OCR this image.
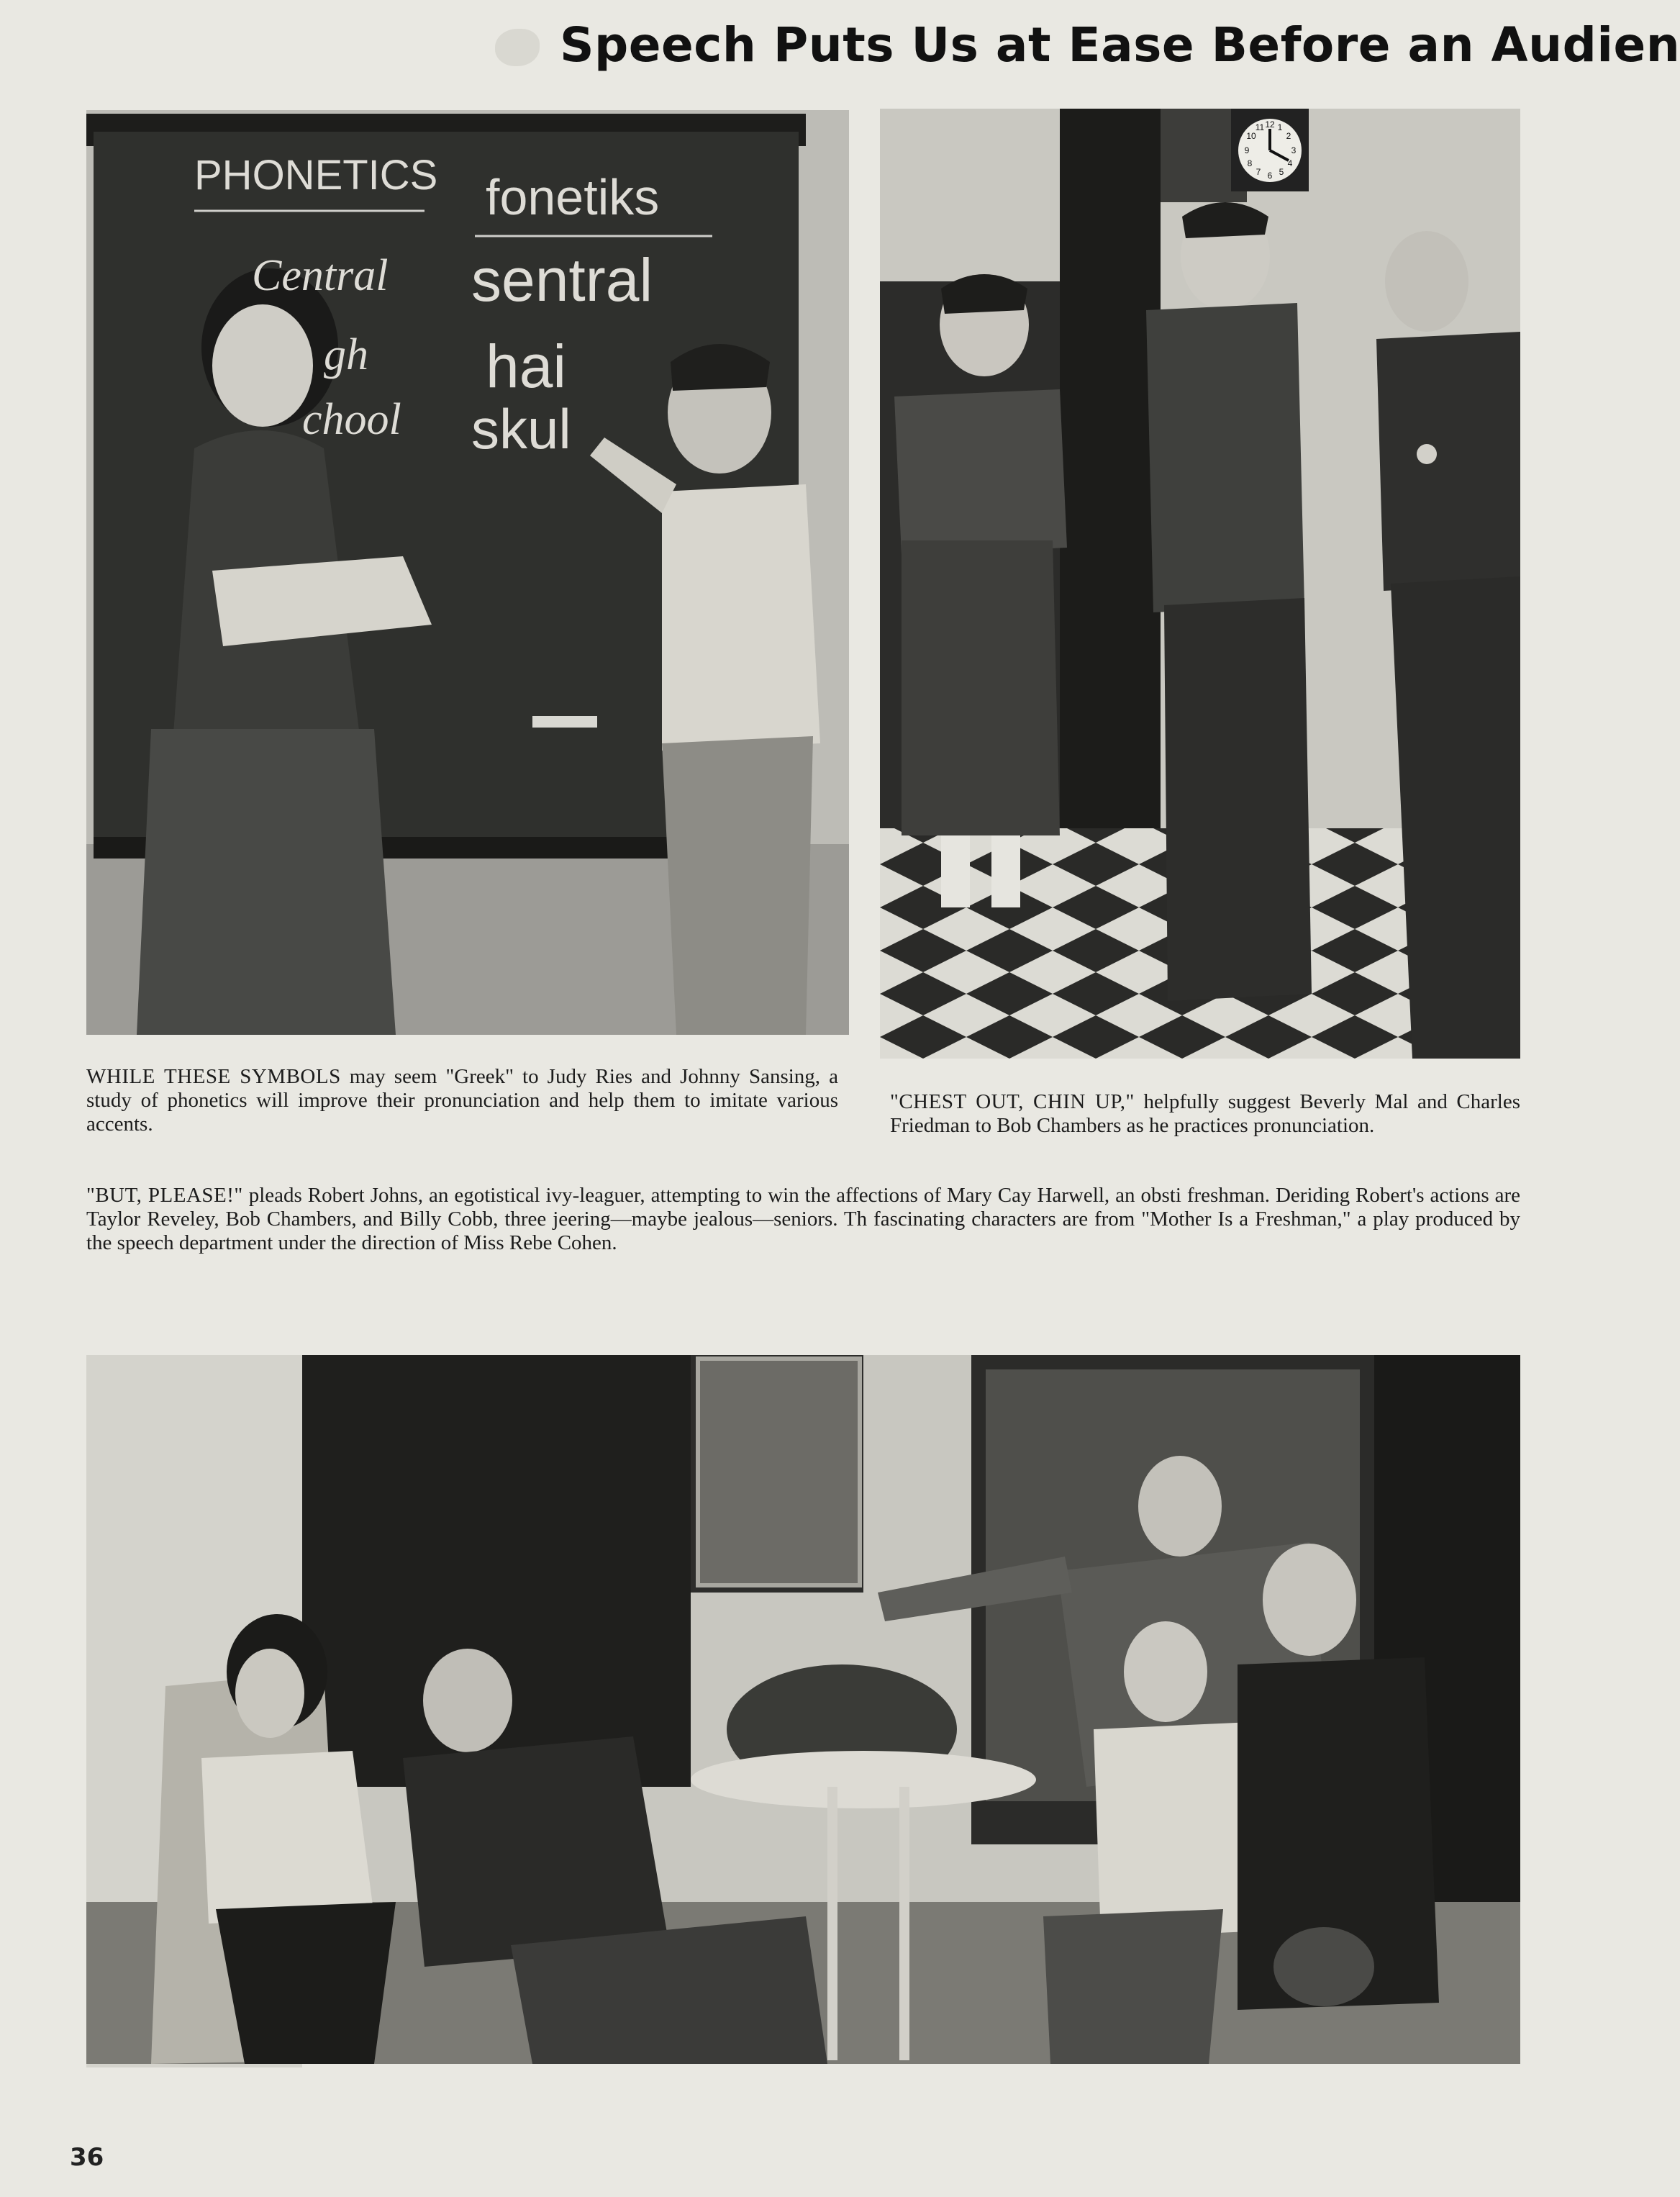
Speech Puts Us at Ease Before an Audien
PHONETICS fonetiks
Central sentral
gh hai
chool skul
12 1
2
3
4
5
6
7
8
9
10
11
WHILE THESE SYMBOLS may seem "Greek" to Judy Ries and Johnny Sansing, a study of phonetics will improve their pronunciation and help them to imitate various accents.
"CHEST OUT, CHIN UP," helpfully suggest Beverly Mal and Charles Friedman to Bob Chambers as he practices pronunciation.
"BUT, PLEASE!" pleads Robert Johns, an egotistical ivy-leaguer, attempting to win the affections of Mary Cay Harwell, an obsti freshman. Deriding Robert's actions are Taylor Reveley, Bob Chambers, and Billy Cobb, three jeering—maybe jealous—seniors. Th fascinating characters are from "Mother Is a Freshman," a play produced by the speech department under the direction of Miss Rebe Cohen.
36
